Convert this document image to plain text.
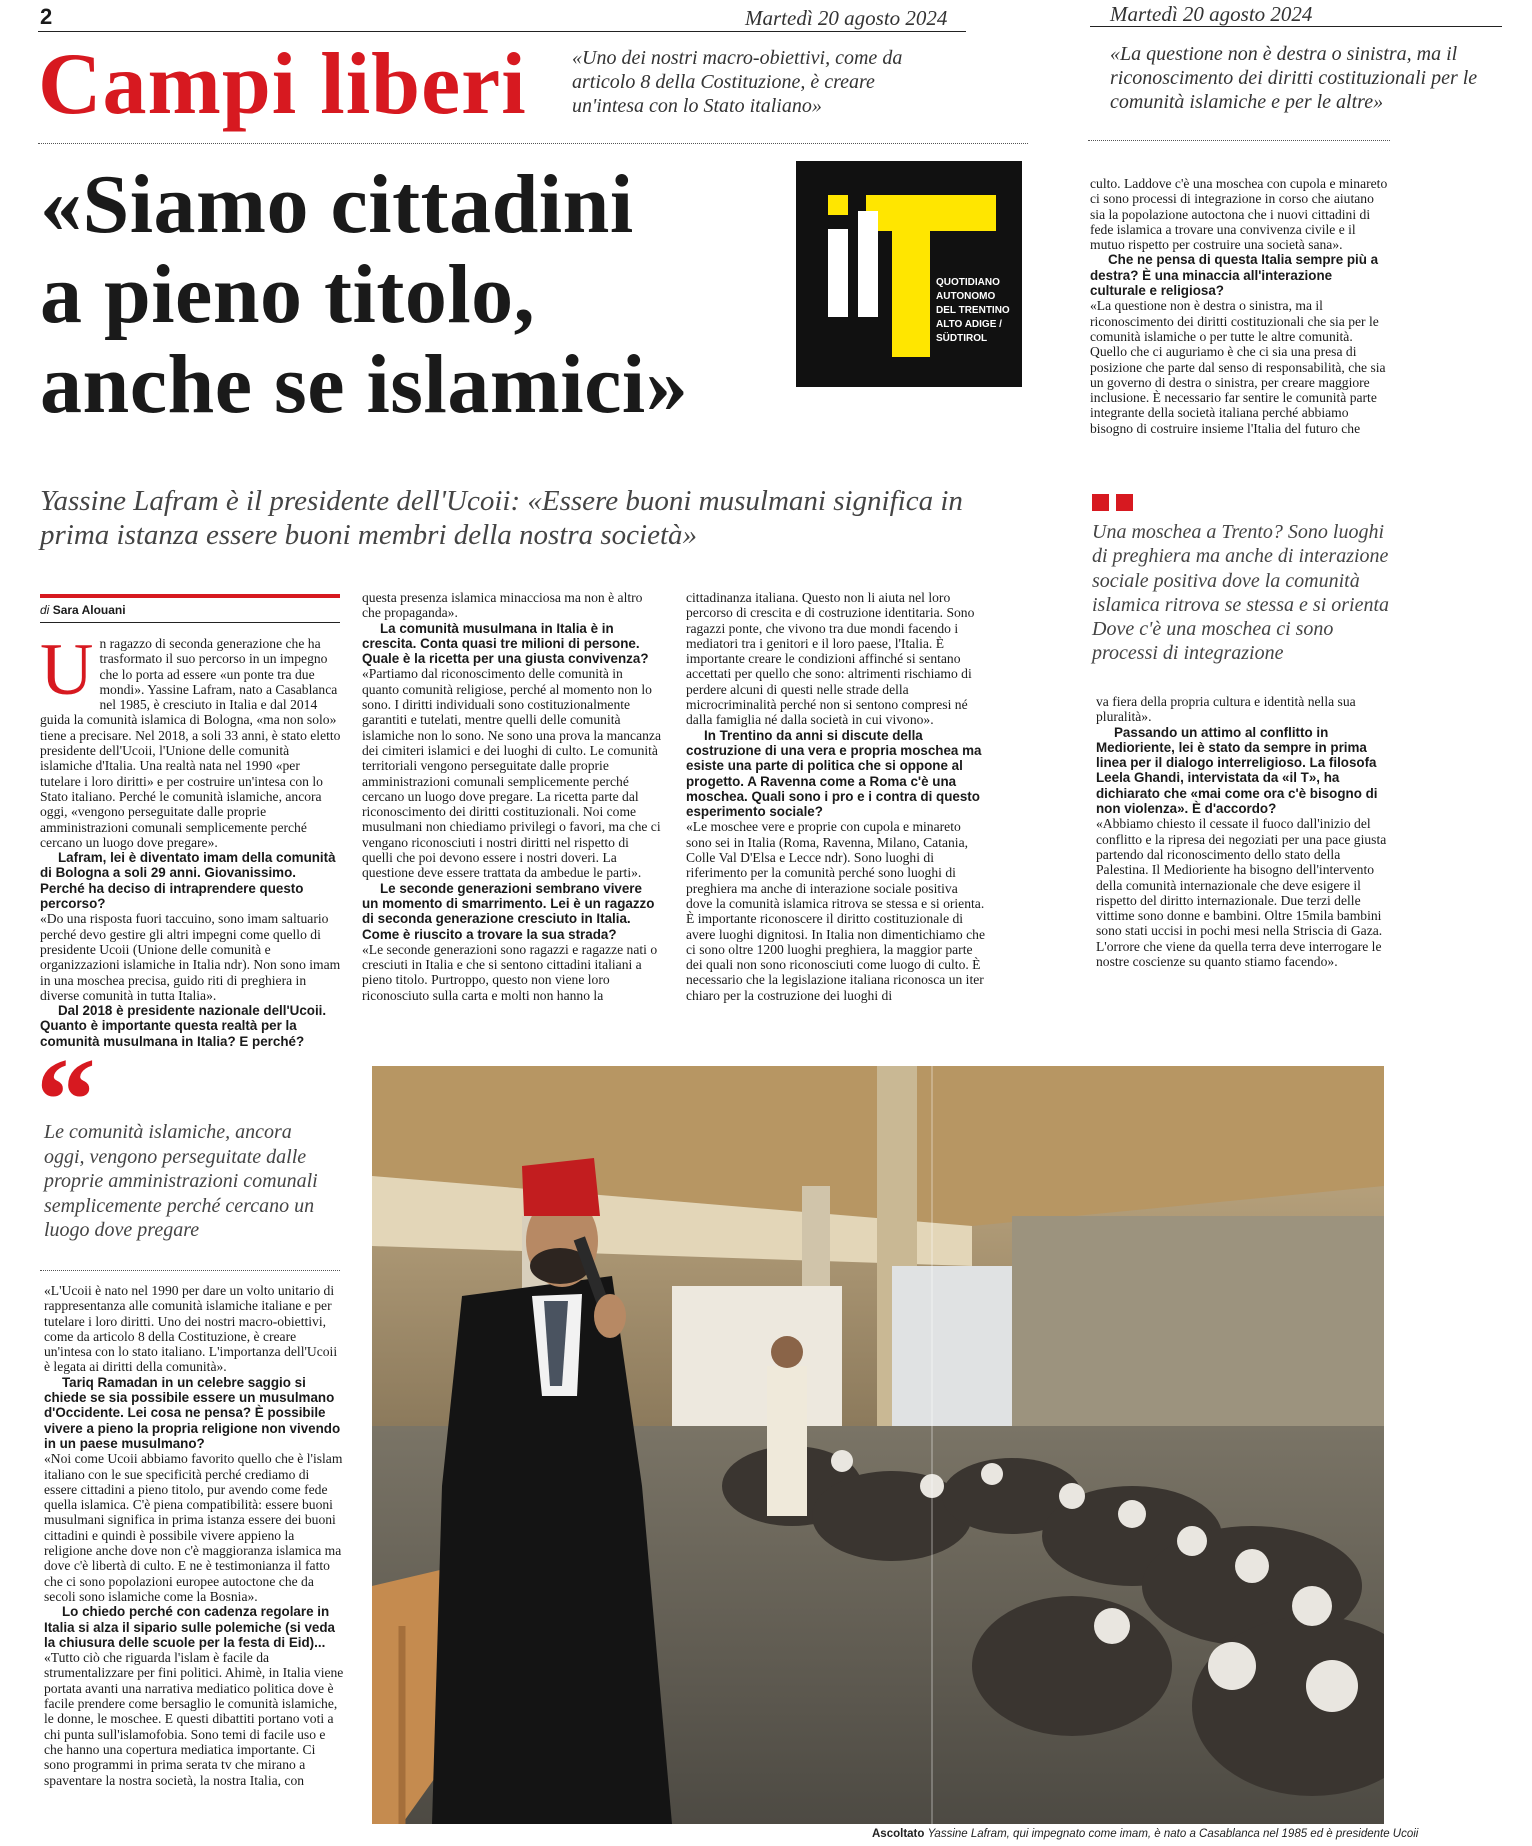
2	Martedì 20 agosto 2024	Martedì 20 agosto 2024
Campi liberi «Uno dei nostri macro-obiettivi, come da articolo 8 della Costituzione, è creare un'intesa con lo Stato italiano»
«La questione non è destra o sinistra, ma il riconoscimento dei diritti costituzionali per le comunità islamiche e per le altre»
«Siamo cittadini
a pieno titolo,
anche se islamici»
QUOTIDIANO
AUTONOMO
DEL TRENTINO
ALTO ADIGE /
SÜDTIROL
Yassine Lafram è il presidente dell'Ucoii: «Essere buoni musulmani significa in prima istanza essere buoni membri della nostra società»
di Sara Alouani
U n ragazzo di seconda generazione che ha trasformato il suo percorso in un impegno che lo porta ad essere «un ponte tra due mondi». Yassine Lafram, nato a Casablanca nel 1985, è cresciuto in Italia e dal 2014 guida la comunità islamica di Bologna, «ma non solo» tiene a precisare. Nel 2018, a soli 33 anni, è stato eletto presidente dell'Ucoii, l'Unione delle comunità islamiche d'Italia. Una realtà nata nel 1990 «per tutelare i loro diritti» e per costruire un'intesa con lo Stato italiano. Perché le comunità islamiche, ancora oggi, «vengono perseguitate dalle proprie amministrazioni comunali semplicemente perché cercano un luogo dove pregare».

Lafram, lei è diventato imam della comunità di Bologna a soli 29 anni. Giovanissimo. Perché ha deciso di intraprendere questo percorso?

«Do una risposta fuori taccuino, sono imam saltuario perché devo gestire gli altri impegni come quello di presidente Ucoii (Unione delle comunità e organizzazioni islamiche in Italia ndr). Non sono imam in una moschea precisa, guido riti di preghiera in diverse comunità in tutta Italia».

Dal 2018 è presidente nazionale dell'Ucoii. Quanto è importante questa realtà per la comunità musulmana in Italia? E perché?

questa presenza islamica minacciosa ma non è altro che propaganda».

La comunità musulmana in Italia è in crescita. Conta quasi tre milioni di persone. Quale è la ricetta per una giusta convivenza?

«Partiamo dal riconoscimento delle comunità in quanto comunità religiose, perché al momento non lo sono. I diritti individuali sono costituzionalmente garantiti e tutelati, mentre quelli delle comunità islamiche non lo sono. Ne sono una prova la mancanza dei cimiteri islamici e dei luoghi di culto. Le comunità territoriali vengono perseguitate dalle proprie amministrazioni comunali semplicemente perché cercano un luogo dove pregare. La ricetta parte dal riconoscimento dei diritti costituzionali. Noi come musulmani non chiediamo privilegi o favori, ma che ci vengano riconosciuti i nostri diritti nel rispetto di quelli che poi devono essere i nostri doveri. La questione deve essere trattata da ambedue le parti».

Le seconde generazioni sembrano vivere un momento di smarrimento. Lei è un ragazzo di seconda generazione cresciuto in Italia. Come è riuscito a trovare la sua strada?

«Le seconde generazioni sono ragazzi e ragazze nati o cresciuti in Italia e che si sentono cittadini italiani a pieno titolo. Purtroppo, questo non viene loro riconosciuto sulla carta e molti non hanno la

cittadinanza italiana. Questo non li aiuta nel loro percorso di crescita e di costruzione identitaria. Sono ragazzi ponte, che vivono tra due mondi facendo i mediatori tra i genitori e il loro paese, l'Italia. È importante creare le condizioni affinché si sentano accettati per quello che sono: altrimenti rischiamo di perdere alcuni di questi nelle strade della microcriminalità perché non si sentono compresi né dalla famiglia né dalla società in cui vivono».

In Trentino da anni si discute della costruzione di una vera e propria moschea ma esiste una parte di politica che si oppone al progetto. A Ravenna come a Roma c'è una moschea. Quali sono i pro e i contra di questo esperimento sociale?

«Le moschee vere e proprie con cupola e minareto sono sei in Italia (Roma, Ravenna, Milano, Catania, Colle Val D'Elsa e Lecce ndr). Sono luoghi di riferimento per la comunità perché sono luoghi di preghiera ma anche di interazione sociale positiva dove la comunità islamica ritrova se stessa e si orienta. È importante riconoscere il diritto costituzionale di avere luoghi dignitosi. In Italia non dimentichiamo che ci sono oltre 1200 luoghi preghiera, la maggior parte dei quali non sono riconosciuti come luogo di culto. È necessario che la legislazione italiana riconosca un iter chiaro per la costruzione dei luoghi di

culto. Laddove c'è una moschea con cupola e minareto ci sono processi di integrazione in corso che aiutano sia la popolazione autoctona che i nuovi cittadini di fede islamica a trovare una convivenza civile e il mutuo rispetto per costruire una società sana».

Che ne pensa di questa Italia sempre più a destra? È una minaccia all'interazione culturale e religiosa?

«La questione non è destra o sinistra, ma il riconoscimento dei diritti costituzionali che sia per le comunità islamiche o per tutte le altre comunità. Quello che ci auguriamo è che ci sia una presa di posizione che parte dal senso di responsabilità, che sia un governo di destra o sinistra, per creare maggiore inclusione. È necessario far sentire le comunità parte integrante della società italiana perché abbiamo bisogno di costruire insieme l'Italia del futuro che

Una moschea a Trento? Sono luoghi di preghiera ma anche di interazione sociale positiva dove la comunità islamica ritrova se stessa e si orienta Dove c'è una moschea ci sono processi di integrazione

va fiera della propria cultura e identità nella sua pluralità».

Passando un attimo al conflitto in Medioriente, lei è stato da sempre in prima linea per il dialogo interreligioso. La filosofa Leela Ghandi, intervistata da «il T», ha dichiarato che «mai come ora c'è bisogno di non violenza». È d'accordo?

«Abbiamo chiesto il cessate il fuoco dall'inizio del conflitto e la ripresa dei negoziati per una pace giusta partendo dal riconoscimento dello stato della Palestina. Il Medioriente ha bisogno dell'intervento della comunità internazionale che deve esigere il rispetto del diritto internazionale. Due terzi delle vittime sono donne e bambini. Oltre 15mila bambini sono stati uccisi in pochi mesi nella Striscia di Gaza. L'orrore che viene da quella terra deve interrogare le nostre coscienze su quanto stiamo facendo».

“
Le comunità islamiche, ancora oggi, vengono perseguitate dalle proprie amministrazioni comunali semplicemente perché cercano un luogo dove pregare

«L'Ucoii è nato nel 1990 per dare un volto unitario di rappresentanza alle comunità islamiche italiane e per tutelare i loro diritti. Uno dei nostri macro-obiettivi, come da articolo 8 della Costituzione, è creare un'intesa con lo stato italiano. L'importanza dell'Ucoii è legata ai diritti della comunità».

Tariq Ramadan in un celebre saggio si chiede se sia possibile essere un musulmano d'Occidente. Lei cosa ne pensa? È possibile vivere a pieno la propria religione non vivendo in un paese musulmano?

«Noi come Ucoii abbiamo favorito quello che è l'islam italiano con le sue specificità perché crediamo di essere cittadini a pieno titolo, pur avendo come fede quella islamica. C'è piena compatibilità: essere buoni musulmani significa in prima istanza essere dei buoni cittadini e quindi è possibile vivere appieno la religione anche dove non c'è maggioranza islamica ma dove c'è libertà di culto. E ne è testimonianza il fatto che ci sono popolazioni europee autoctone che da secoli sono islamiche come la Bosnia».

Lo chiedo perché con cadenza regolare in Italia si alza il sipario sulle polemiche (si veda la chiusura delle scuole per la festa di Eid)...

«Tutto ciò che riguarda l'islam è facile da strumentalizzare per fini politici. Ahimè, in Italia viene portata avanti una narrativa mediatico politica dove è facile prendere come bersaglio le comunità islamiche, le donne, le moschee. E questi dibattiti portano voti a chi punta sull'islamofobia. Sono temi di facile uso e che hanno una copertura mediatica importante. Ci sono programmi in prima serata tv che mirano a spaventare la nostra società, la nostra Italia, con

Ascoltato Yassine Lafram, qui impegnato come imam, è nato a Casablanca nel 1985 ed è presidente Ucoii
